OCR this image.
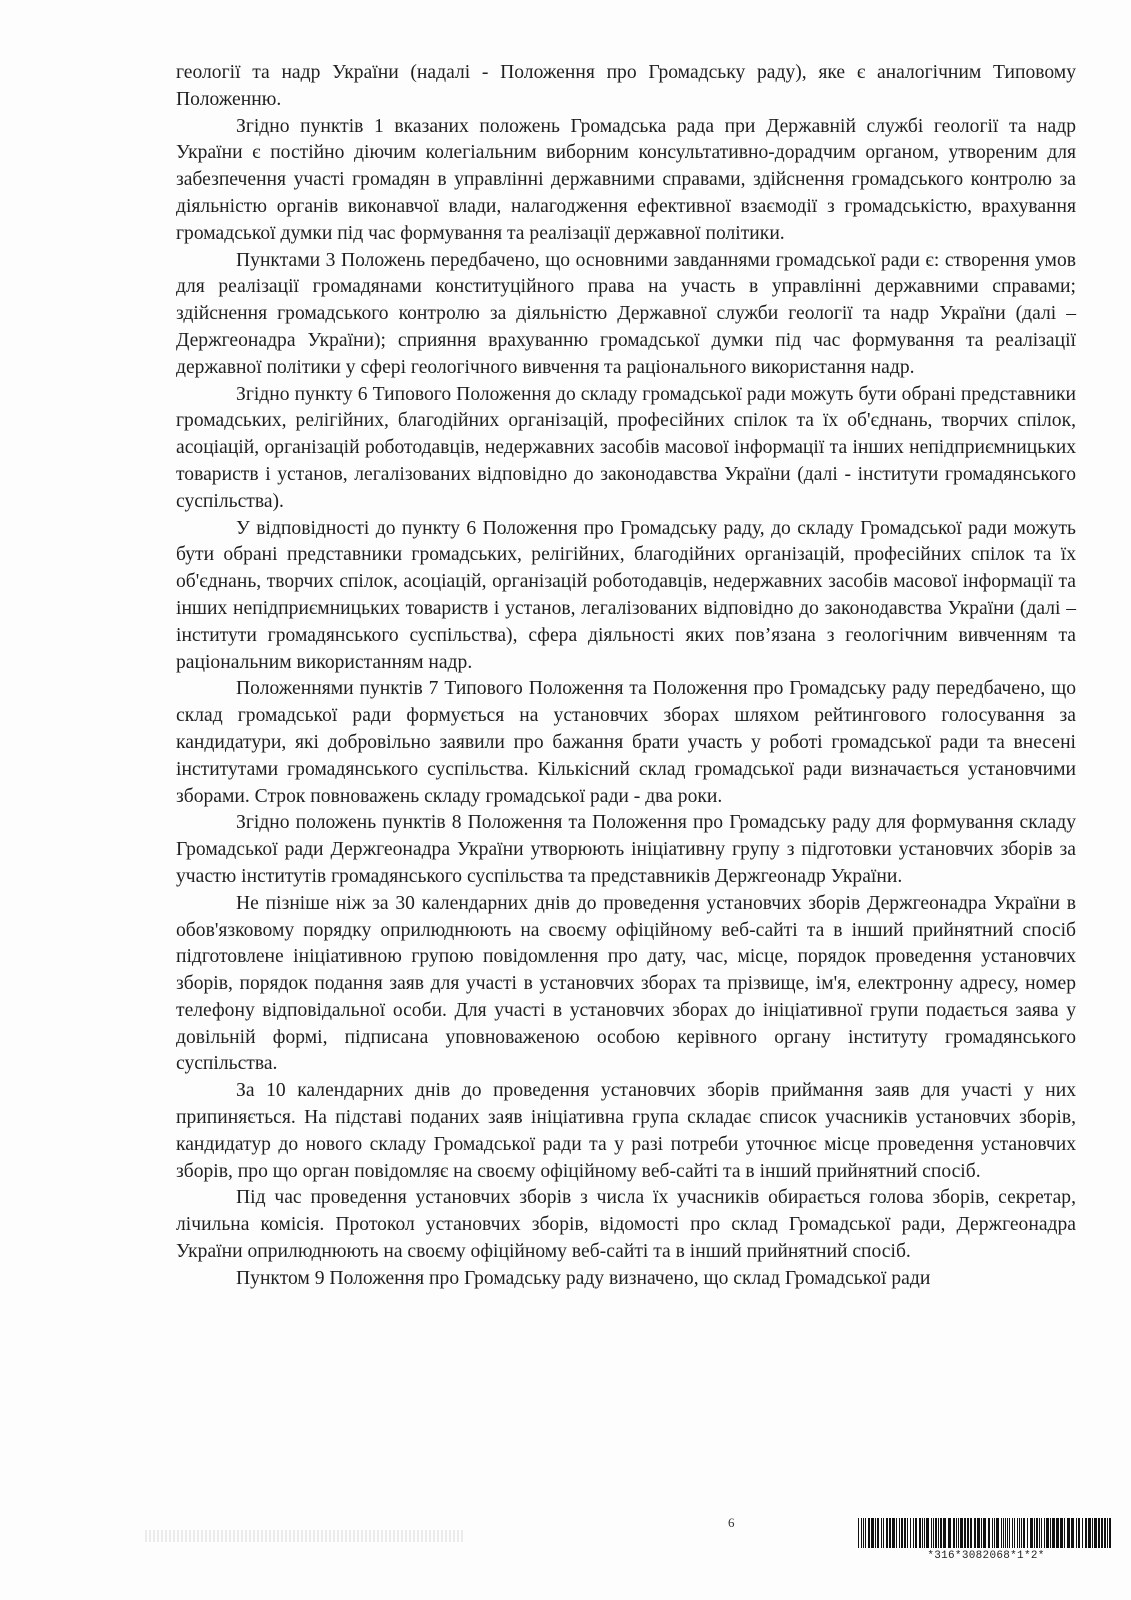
геології та надр України (надалі - Положення про Громадську раду), яке є аналогічним Типовому Положенню.

Згідно пунктів 1 вказаних положень Громадська рада при Державній службі геології та надр України є постійно діючим колегіальним виборним консультативно-дорадчим органом, утвореним для забезпечення участі громадян в управлінні державними справами, здійснення громадського контролю за діяльністю органів виконавчої влади, налагодження ефективної взаємодії з громадськістю, врахування громадської думки під час формування та реалізації державної політики.

Пунктами 3 Положень передбачено, що основними завданнями громадської ради є: створення умов для реалізації громадянами конституційного права на участь в управлінні державними справами; здійснення громадського контролю за діяльністю Державної служби геології та надр України (далі – Держгеонадра України); сприяння врахуванню громадської думки під час формування та реалізації державної політики у сфері геологічного вивчення та раціонального використання надр.

Згідно пункту 6 Типового Положення до складу громадської ради можуть бути обрані представники громадських, релігійних, благодійних організацій, професійних спілок та їх об'єднань, творчих спілок, асоціацій, організацій роботодавців, недержавних засобів масової інформації та інших непідприємницьких товариств і установ, легалізованих відповідно до законодавства України (далі - інститути громадянського суспільства).

У відповідності до пункту 6 Положення про Громадську раду, до складу Громадської ради можуть бути обрані представники громадських, релігійних, благодійних організацій, професійних спілок та їх об'єднань, творчих спілок, асоціацій, організацій роботодавців, недержавних засобів масової інформації та інших непідприємницьких товариств і установ, легалізованих відповідно до законодавства України (далі – інститути громадянського суспільства), сфера діяльності яких пов’язана з геологічним вивченням та раціональним використанням надр.

Положеннями пунктів 7 Типового Положення та Положення про Громадську раду передбачено, що склад громадської ради формується на установчих зборах шляхом рейтингового голосування за кандидатури, які добровільно заявили про бажання брати участь у роботі громадської ради та внесені інститутами громадянського суспільства. Кількісний склад громадської ради визначається установчими зборами. Строк повноважень складу громадської ради - два роки.

Згідно положень пунктів 8 Положення та Положення про Громадську раду для формування складу Громадської ради Держгеонадра України утворюють ініціативну групу з підготовки установчих зборів за участю інститутів громадянського суспільства та представників Держгеонадр України.

Не пізніше ніж за 30 календарних днів до проведення установчих зборів Держгеонадра України в обов'язковому порядку оприлюднюють на своєму офіційному веб-сайті та в інший прийнятний спосіб підготовлене ініціативною групою повідомлення про дату, час, місце, порядок проведення установчих зборів, порядок подання заяв для участі в установчих зборах та прізвище, ім'я, електронну адресу, номер телефону відповідальної особи. Для участі в установчих зборах до ініціативної групи подається заява у довільній формі, підписана уповноваженою особою керівного органу інституту громадянського суспільства.

За 10 календарних днів до проведення установчих зборів приймання заяв для участі у них припиняється. На підставі поданих заяв ініціативна група складає список учасників установчих зборів, кандидатур до нового складу Громадської ради та у разі потреби уточнює місце проведення установчих зборів, про що орган повідомляє на своєму офіційному веб-сайті та в інший прийнятний спосіб.

Під час проведення установчих зборів з числа їх учасників обирається голова зборів, секретар, лічильна комісія. Протокол установчих зборів, відомості про склад Громадської ради, Держгеонадра України оприлюднюють на своєму офіційному веб-сайті та в інший прийнятний спосіб.

Пунктом 9 Положення про Громадську раду визначено, що склад Громадської ради

6
*316*3082068*1*2*
